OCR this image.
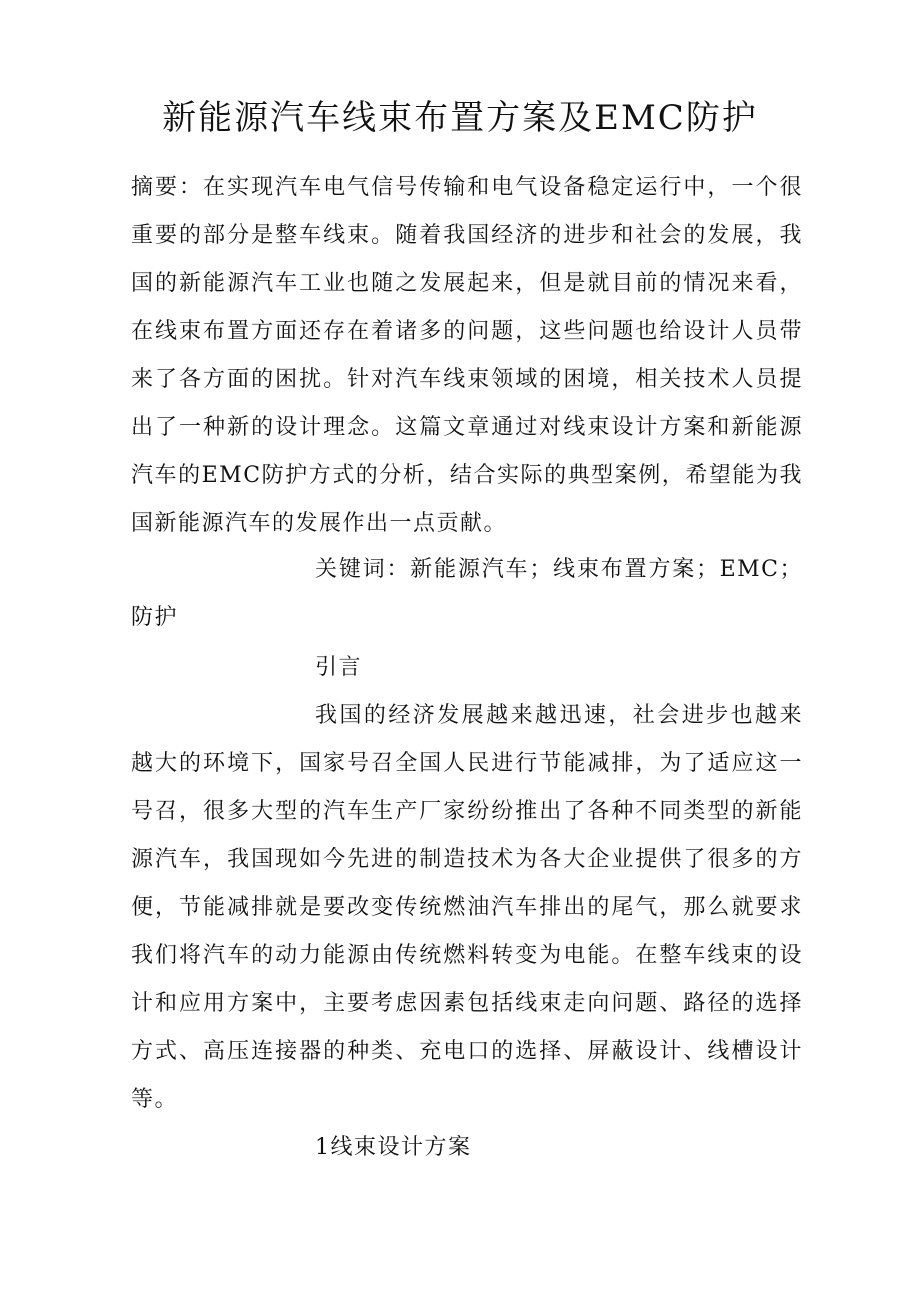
新能源汽车线束布置方案及EMC防护

摘要：在实现汽车电气信号传输和电气设备稳定运行中，一个很重要的部分是整车线束。随着我国经济的进步和社会的发展，我国的新能源汽车工业也随之发展起来，但是就目前的情况来看，在线束布置方面还存在着诸多的问题，这些问题也给设计人员带来了各方面的困扰。针对汽车线束领域的困境，相关技术人员提出了一种新的设计理念。这篇文章通过对线束设计方案和新能源汽车的EMC防护方式的分析，结合实际的典型案例，希望能为我国新能源汽车的发展作出一点贡献。

关键词：新能源汽车；线束布置方案；EMC；防护

引言

我国的经济发展越来越迅速，社会进步也越来越大的环境下，国家号召全国人民进行节能减排，为了适应这一号召，很多大型的汽车生产厂家纷纷推出了各种不同类型的新能源汽车，我国现如今先进的制造技术为各大企业提供了很多的方便，节能减排就是要改变传统燃油汽车排出的尾气，那么就要求我们将汽车的动力能源由传统燃料转变为电能。在整车线束的设计和应用方案中，主要考虑因素包括线束走向问题、路径的选择方式、高压连接器的种类、充电口的选择、屏蔽设计、线槽设计等。

1线束设计方案
